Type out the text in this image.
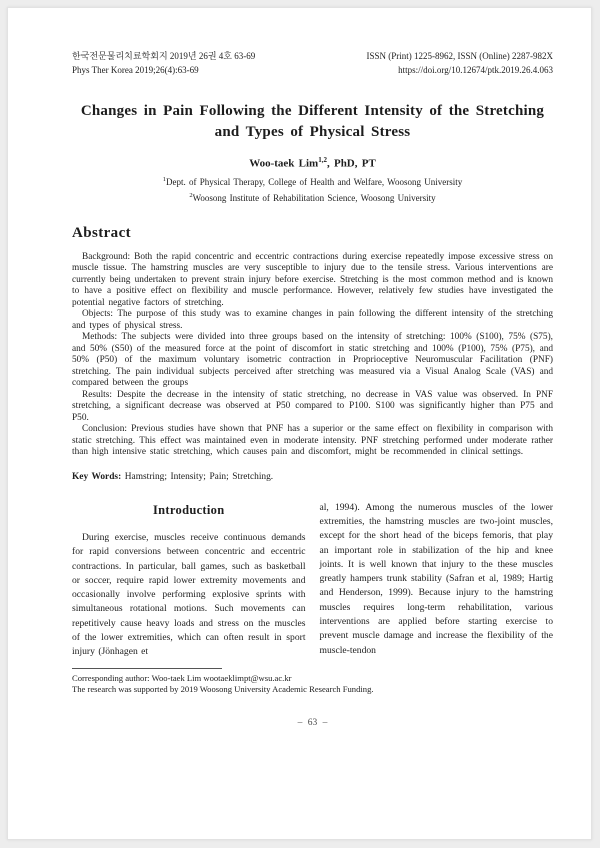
한국전문물리치료학회지 2019년 26권 4호 63-69
Phys Ther Korea 2019;26(4):63-69
ISSN (Print) 1225-8962, ISSN (Online) 2287-982X
https://doi.org/10.12674/ptk.2019.26.4.063
Changes in Pain Following the Different Intensity of the Stretching and Types of Physical Stress
Woo-taek Lim$^{1,2}$, PhD, PT
$^1$Dept. of Physical Therapy, College of Health and Welfare, Woosong University
$^2$Woosong Institute of Rehabilitation Science, Woosong University
Abstract

Background: Both the rapid concentric and eccentric contractions during exercise repeatedly impose excessive stress on muscle tissue. The hamstring muscles are very susceptible to injury due to the tensile stress. Various interventions are currently being undertaken to prevent strain injury before exercise. Stretching is the most common method and is known to have a positive effect on flexibility and muscle performance. However, relatively few studies have investigated the potential negative factors of stretching.

Objects: The purpose of this study was to examine changes in pain following the different intensity of the stretching and types of physical stress.

Methods: The subjects were divided into three groups based on the intensity of stretching: 100% (S100), 75% (S75), and 50% (S50) of the measured force at the point of discomfort in static stretching and 100% (P100), 75% (P75), and 50% (P50) of the maximum voluntary isometric contraction in Proprioceptive Neuromuscular Facilitation (PNF) stretching. The pain individual subjects perceived after stretching was measured via a Visual Analog Scale (VAS) and compared between the groups

Results: Despite the decrease in the intensity of static stretching, no decrease in VAS value was observed. In PNF stretching, a significant decrease was observed at P50 compared to P100. S100 was significantly higher than P75 and P50.

Conclusion: Previous studies have shown that PNF has a superior or the same effect on flexibility in comparison with static stretching. This effect was maintained even in moderate intensity. PNF stretching performed under moderate rather than high intensive static stretching, which causes pain and discomfort, might be recommended in clinical settings.

Key Words: Hamstring; Intensity; Pain; Stretching.
Introduction

During exercise, muscles receive continuous demands for rapid conversions between concentric and eccentric contractions. In particular, ball games, such as basketball or soccer, require rapid lower extremity movements and occasionally involve performing explosive sprints with simultaneous rotational motions. Such movements can repetitively cause heavy loads and stress on the muscles of the lower extremities, which can often result in sport injury (Jönhagen et

al, 1994). Among the numerous muscles of the lower extremities, the hamstring muscles are two-joint muscles, except for the short head of the biceps femoris, that play an important role in stabilization of the hip and knee joints. It is well known that injury to the these muscles greatly hampers trunk stability (Safran et al, 1989; Hartig and Henderson, 1999). Because injury to the hamstring muscles requires long-term rehabilitation, various interventions are applied before starting exercise to prevent muscle damage and increase the flexibility of the muscle-tendon

Corresponding author: Woo-taek Lim wootaeklimpt@wsu.ac.kr
The research was supported by 2019 Woosong University Academic Research Funding.
– 63 –
